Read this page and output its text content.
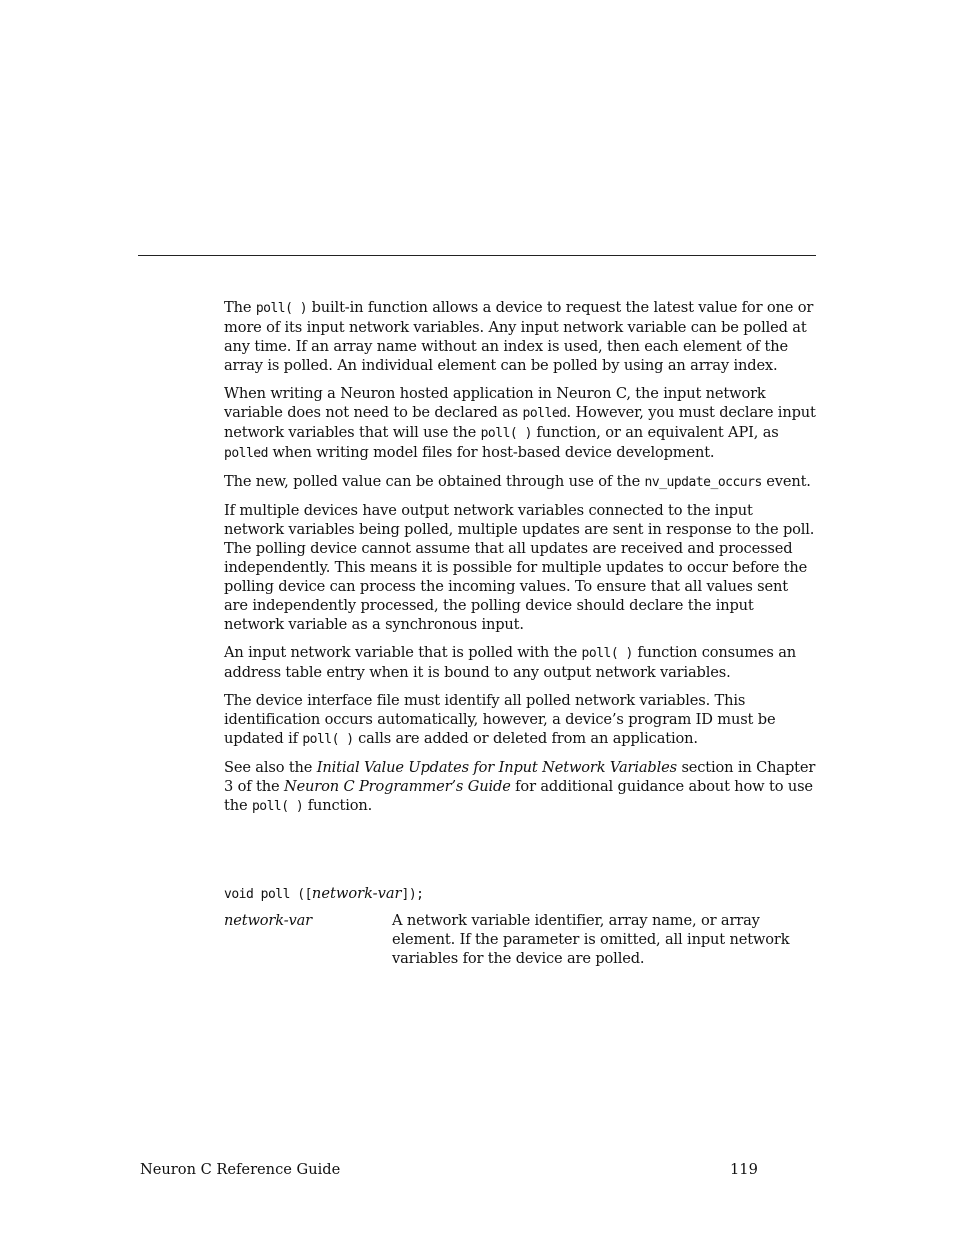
The poll( ) built-in function allows a device to request the latest value for one or more of its input network variables. Any input network variable can be polled at any time. If an array name without an index is used, then each element of the array is polled. An individual element can be polled by using an array index.

When writing a Neuron hosted application in Neuron C, the input network variable does not need to be declared as polled. However, you must declare input network variables that will use the poll( ) function, or an equivalent API, as polled when writing model files for host-based device development.

The new, polled value can be obtained through use of the nv_update_occurs event.

If multiple devices have output network variables connected to the input network variables being polled, multiple updates are sent in response to the poll. The polling device cannot assume that all updates are received and processed independently. This means it is possible for multiple updates to occur before the polling device can process the incoming values. To ensure that all values sent are independently processed, the polling device should declare the input network variable as a synchronous input.

An input network variable that is polled with the poll( ) function consumes an address table entry when it is bound to any output network variables.

The device interface file must identify all polled network variables. This identification occurs automatically, however, a device’s program ID must be updated if poll( ) calls are added or deleted from an application.

See also the Initial Value Updates for Input Network Variables section in Chapter 3 of the Neuron C Programmer’s Guide for additional guidance about how to use the poll( ) function.

void poll ([network-var]);
network-var	A network variable identifier, array name, or array element. If the parameter is omitted, all input network variables for the device are polled.
Neuron C Reference Guide	119
